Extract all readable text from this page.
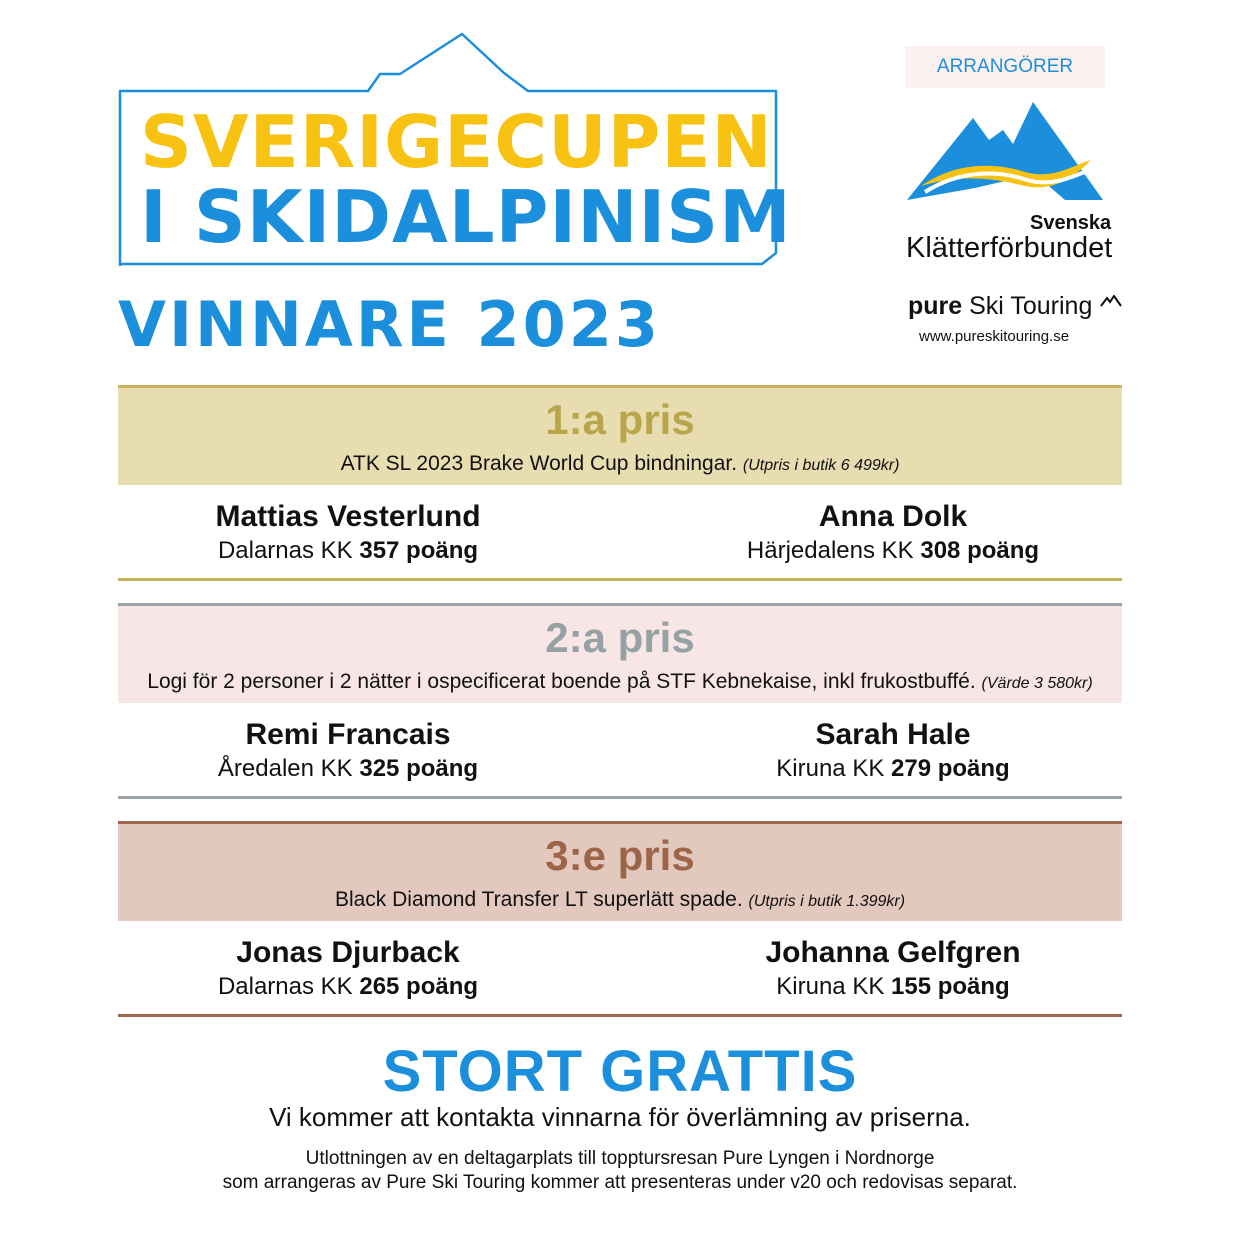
SVERIGECUPEN
I SKIDALPINISM
VINNARE 2023
ARRANGÖRER
Svenska
Klätterförbundet
pure Ski Touring
www.pureskitouring.se
1:a pris
ATK SL 2023 Brake World Cup bindningar. (Utpris i butik 6 499kr)
Mattias Vesterlund
Dalarnas KK 357 poäng
Anna Dolk
Härjedalens KK 308 poäng
2:a pris
Logi för 2 personer i 2 nätter i ospecificerat boende på STF Kebnekaise, inkl frukostbuffé. (Värde 3 580kr)
Remi Francais
Åredalen KK 325 poäng
Sarah Hale
Kiruna KK 279 poäng
3:e pris
Black Diamond Transfer LT superlätt spade. (Utpris i butik 1.399kr)
Jonas Djurback
Dalarnas KK 265 poäng
Johanna Gelfgren
Kiruna KK 155 poäng
STORT GRATTIS
Vi kommer att kontakta vinnarna för överlämning av priserna.
Utlottningen av en deltagarplats till topptursresan Pure Lyngen i Nordnorge
som arrangeras av Pure Ski Touring kommer att presenteras under v20 och redovisas separat.
